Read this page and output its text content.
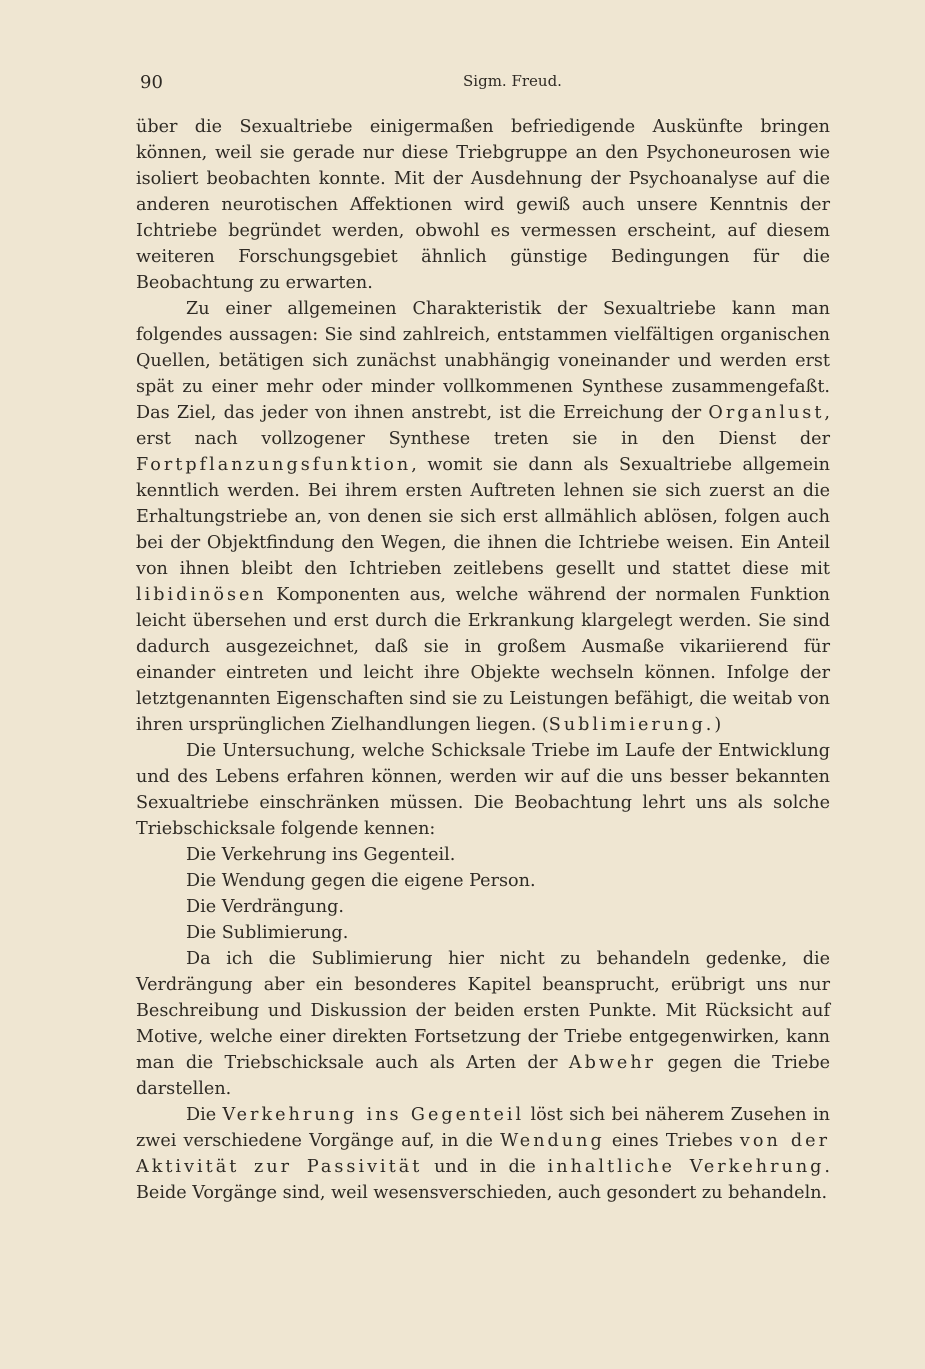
90	Sigm. Freud.

über die Sexualtriebe einigermaßen befriedigende Auskünfte bringen können, weil sie gerade nur diese Triebgruppe an den Psychoneurosen wie isoliert beobachten konnte. Mit der Ausdehnung der Psychoanalyse auf die anderen neurotischen Affektionen wird gewiß auch unsere Kenntnis der Ichtriebe begründet werden, obwohl es vermessen erscheint, auf diesem weiteren Forschungsgebiet ähnlich günstige Bedingungen für die Beobachtung zu erwarten.

Zu einer allgemeinen Charakteristik der Sexualtriebe kann man folgendes aussagen: Sie sind zahlreich, entstammen vielfältigen organischen Quellen, betätigen sich zunächst unabhängig voneinander und werden erst spät zu einer mehr oder minder vollkommenen Synthese zusammengefaßt. Das Ziel, das jeder von ihnen anstrebt, ist die Erreichung der Organlust, erst nach vollzogener Synthese treten sie in den Dienst der Fortpflanzungsfunktion, womit sie dann als Sexualtriebe allgemein kenntlich werden. Bei ihrem ersten Auftreten lehnen sie sich zuerst an die Erhaltungstriebe an, von denen sie sich erst allmählich ablösen, folgen auch bei der Objektfindung den Wegen, die ihnen die Ichtriebe weisen. Ein Anteil von ihnen bleibt den Ichtrieben zeitlebens gesellt und stattet diese mit libidinösen Komponenten aus, welche während der normalen Funktion leicht übersehen und erst durch die Erkrankung klargelegt werden. Sie sind dadurch ausgezeichnet, daß sie in großem Ausmaße vikariierend für einander eintreten und leicht ihre Objekte wechseln können. Infolge der letztgenannten Eigenschaften sind sie zu Leistungen befähigt, die weitab von ihren ursprünglichen Zielhandlungen liegen. (Sublimierung.)

Die Untersuchung, welche Schicksale Triebe im Laufe der Entwicklung und des Lebens erfahren können, werden wir auf die uns besser bekannten Sexualtriebe einschränken müssen. Die Beobachtung lehrt uns als solche Triebschicksale folgende kennen:

Die Verkehrung ins Gegenteil.

Die Wendung gegen die eigene Person.

Die Verdrängung.

Die Sublimierung.

Da ich die Sublimierung hier nicht zu behandeln gedenke, die Verdrängung aber ein besonderes Kapitel beansprucht, erübrigt uns nur Beschreibung und Diskussion der beiden ersten Punkte. Mit Rücksicht auf Motive, welche einer direkten Fortsetzung der Triebe entgegenwirken, kann man die Triebschicksale auch als Arten der Abwehr gegen die Triebe darstellen.

Die Verkehrung ins Gegenteil löst sich bei näherem Zusehen in zwei verschiedene Vorgänge auf, in die Wendung eines Triebes von der Aktivität zur Passivität und in die inhaltliche Verkehrung. Beide Vorgänge sind, weil wesensverschieden, auch gesondert zu behandeln.
